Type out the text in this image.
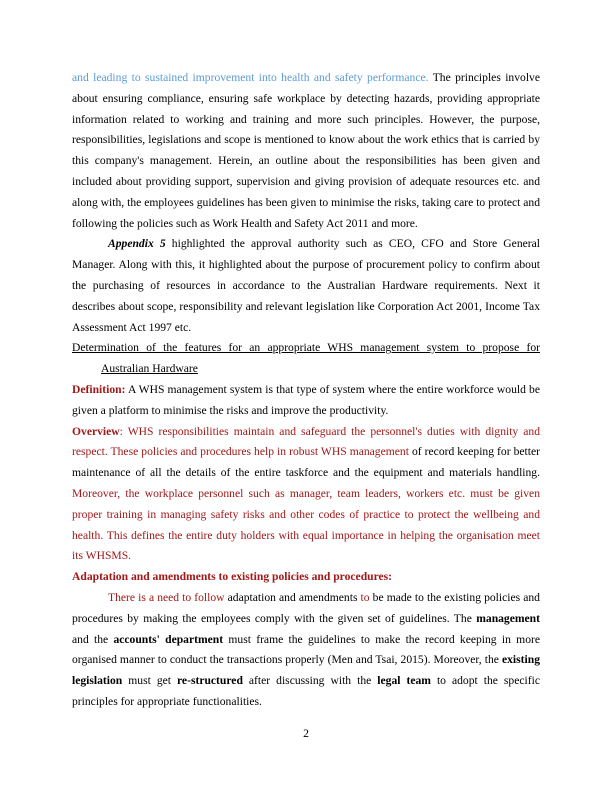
and leading to sustained improvement into health and safety performance. The principles involve about ensuring compliance, ensuring safe workplace by detecting hazards, providing appropriate information related to working and training and more such principles. However, the purpose, responsibilities, legislations and scope is mentioned to know about the work ethics that is carried by this company's management. Herein, an outline about the responsibilities has been given and included about providing support, supervision and giving provision of adequate resources etc. and along with, the employees guidelines has been given to minimise the risks, taking care to protect and following the policies such as Work Health and Safety Act 2011 and more.

Appendix 5 highlighted the approval authority such as CEO, CFO and Store General Manager. Along with this, it highlighted about the purpose of procurement policy to confirm about the purchasing of resources in accordance to the Australian Hardware requirements. Next it describes about scope, responsibility and relevant legislation like Corporation Act 2001, Income Tax Assessment Act 1997 etc.

Determination of the features for an appropriate WHS management system to propose for
Australian Hardware

Definition: A WHS management system is that type of system where the entire workforce would be given a platform to minimise the risks and improve the productivity.

Overview: WHS responsibilities maintain and safeguard the personnel's duties with dignity and respect. These policies and procedures help in robust WHS management of record keeping for better maintenance of all the details of the entire taskforce and the equipment and materials handling. Moreover, the workplace personnel such as manager, team leaders, workers etc. must be given proper training in managing safety risks and other codes of practice to protect the wellbeing and health. This defines the entire duty holders with equal importance in helping the organisation meet its WHSMS.

Adaptation and amendments to existing policies and procedures:

There is a need to follow adaptation and amendments to be made to the existing policies and procedures by making the employees comply with the given set of guidelines. The management and the accounts' department must frame the guidelines to make the record keeping in more organised manner to conduct the transactions properly (Men and Tsai, 2015). Moreover, the existing legislation must get re-structured after discussing with the legal team to adopt the specific principles for appropriate functionalities.

2
